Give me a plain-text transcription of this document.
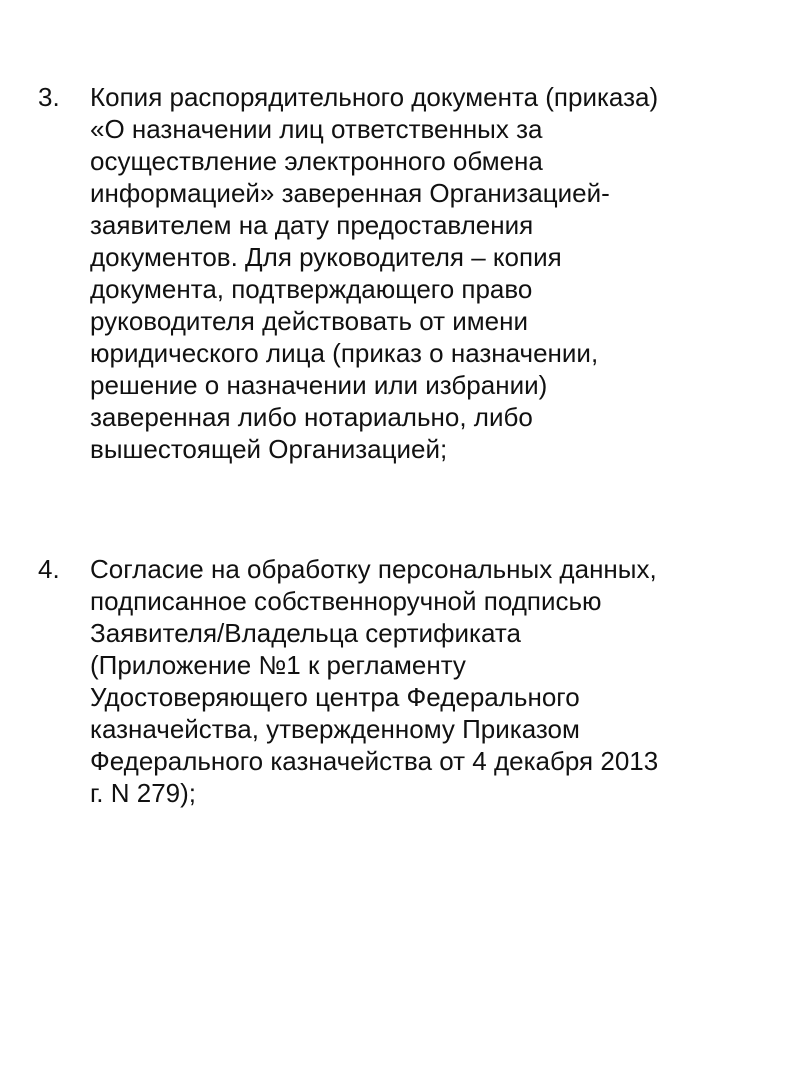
3.	Копия распорядительного документа (приказа)
«О назначении лиц ответственных за
осуществление электронного обмена
информацией» заверенная Организацией-
заявителем на дату предоставления
документов. Для руководителя – копия
документа, подтверждающего право
руководителя действовать от имени
юридического лица (приказ о назначении,
решение о назначении или избрании)
заверенная либо нотариально, либо
вышестоящей Организацией;
4.	Согласие на обработку персональных данных,
подписанное собственноручной подписью
Заявителя/Владельца сертификата
(Приложение №1 к регламенту
Удостоверяющего центра Федерального
казначейства, утвержденному Приказом
Федерального казначейства от 4 декабря 2013
г. N 279);
